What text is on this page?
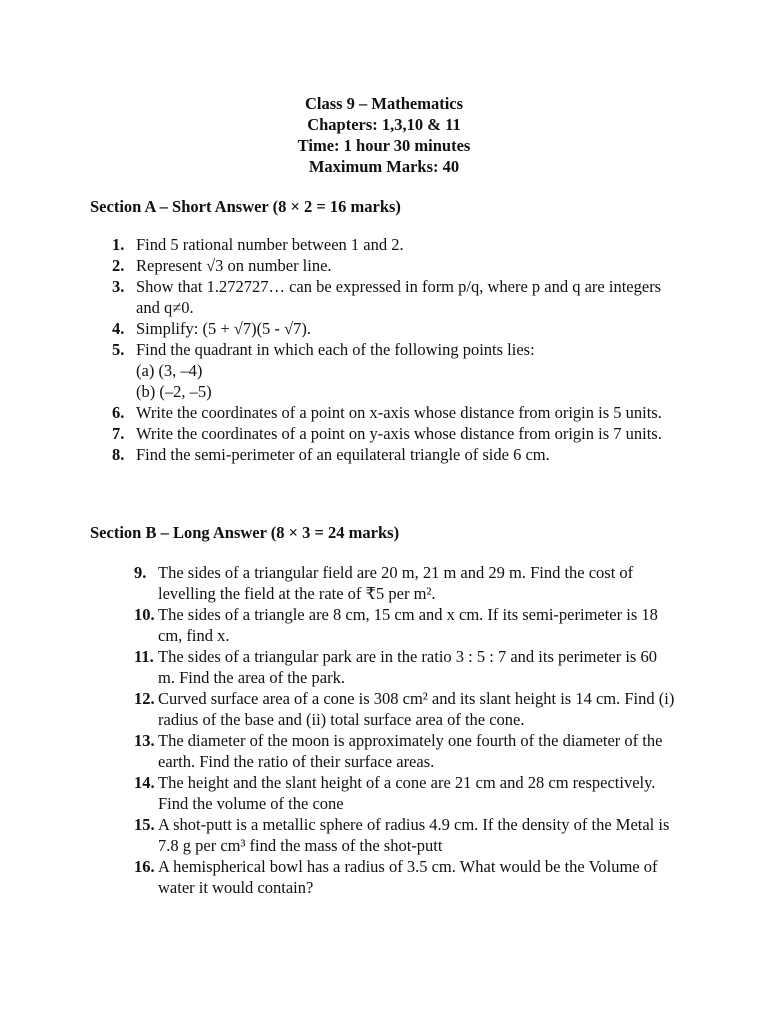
Class 9 – Mathematics
Chapters: 1,3,10 & 11
Time: 1 hour 30 minutes
Maximum Marks: 40
Section A – Short Answer (8 × 2 = 16 marks)
1. Find 5 rational number between 1 and 2.
2. Represent √3 on number line.
3. Show that 1.272727… can be expressed in form p/q, where p and q are integers and q≠0.
4. Simplify: (5 + √7)(5 - √7).
5. Find the quadrant in which each of the following points lies:
(a) (3, –4)
(b) (–2, –5)
6. Write the coordinates of a point on x-axis whose distance from origin is 5 units.
7. Write the coordinates of a point on y-axis whose distance from origin is 7 units.
8. Find the semi-perimeter of an equilateral triangle of side 6 cm.
Section B – Long Answer (8 × 3 = 24 marks)
9. The sides of a triangular field are 20 m, 21 m and 29 m. Find the cost of levelling the field at the rate of ₹5 per m².
10. The sides of a triangle are 8 cm, 15 cm and x cm. If its semi-perimeter is 18 cm, find x.
11. The sides of a triangular park are in the ratio 3 : 5 : 7 and its perimeter is 60 m. Find the area of the park.
12. Curved surface area of a cone is 308 cm² and its slant height is 14 cm. Find (i) radius of the base and (ii) total surface area of the cone.
13. The diameter of the moon is approximately one fourth of the diameter of the earth. Find the ratio of their surface areas.
14. The height and the slant height of a cone are 21 cm and 28 cm respectively. Find the volume of the cone
15. A shot-putt is a metallic sphere of radius 4.9 cm. If the density of the Metal is 7.8 g per cm³ find the mass of the shot-putt
16. A hemispherical bowl has a radius of 3.5 cm. What would be the Volume of water it would contain?
